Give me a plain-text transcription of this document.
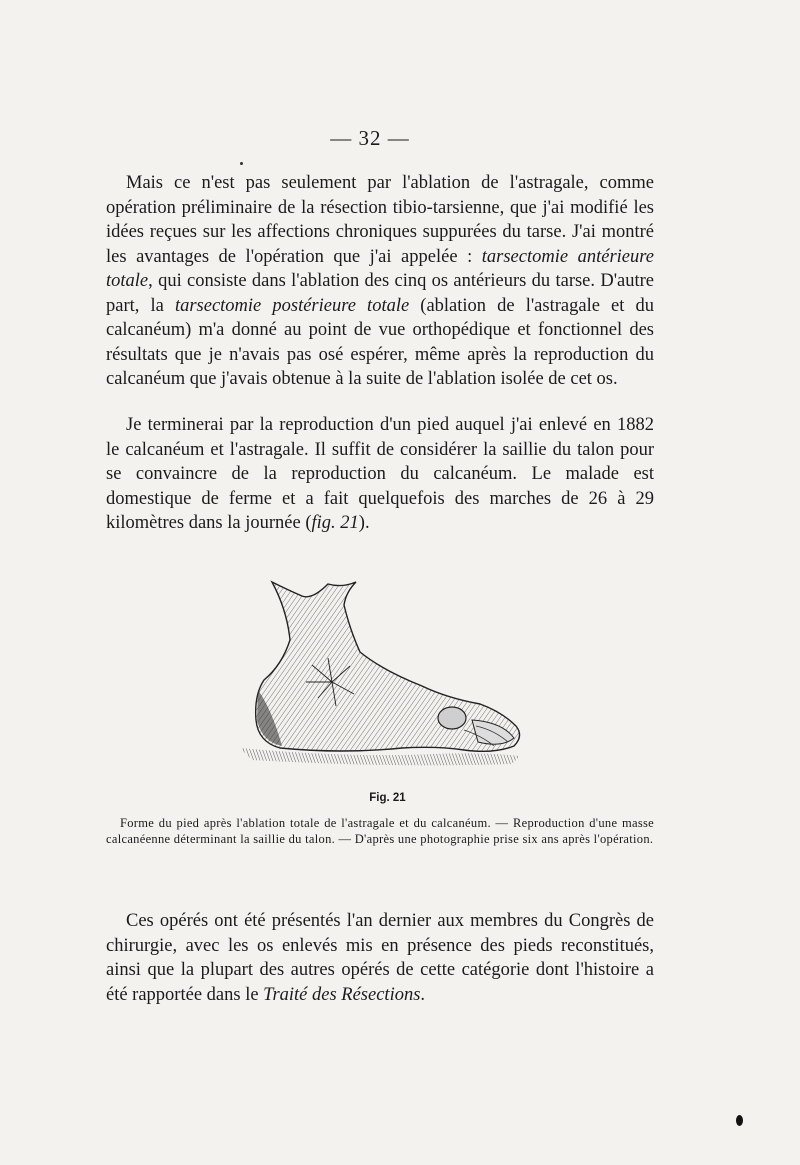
— 32 —

Mais ce n'est pas seulement par l'ablation de l'astragale, comme opération préliminaire de la résection tibio-tarsienne, que j'ai modifié les idées reçues sur les affections chroniques suppurées du tarse. J'ai montré les avantages de l'opération que j'ai appelée : tarsectomie antérieure totale, qui consiste dans l'ablation des cinq os antérieurs du tarse. D'autre part, la tarsectomie postérieure totale (ablation de l'astragale et du calcanéum) m'a donné au point de vue orthopédique et fonctionnel des résultats que je n'avais pas osé espérer, même après la reproduction du calcanéum que j'avais obtenue à la suite de l'ablation isolée de cet os.

Je terminerai par la reproduction d'un pied auquel j'ai enlevé en 1882 le calcanéum et l'astragale. Il suffit de considérer la saillie du talon pour se convaincre de la reproduction du calcanéum. Le malade est domestique de ferme et a fait quelquefois des marches de 26 à 29 kilomètres dans la journée (fig. 21).

Fig. 21
Forme du pied après l'ablation totale de l'astragale et du calcanéum. — Reproduction d'une masse calcanéenne déterminant la saillie du talon. — D'après une photographie prise six ans après l'opération.

Ces opérés ont été présentés l'an dernier aux membres du Congrès de chirurgie, avec les os enlevés mis en présence des pieds reconstitués, ainsi que la plupart des autres opérés de cette catégorie dont l'histoire a été rapportée dans le Traité des Résections.
